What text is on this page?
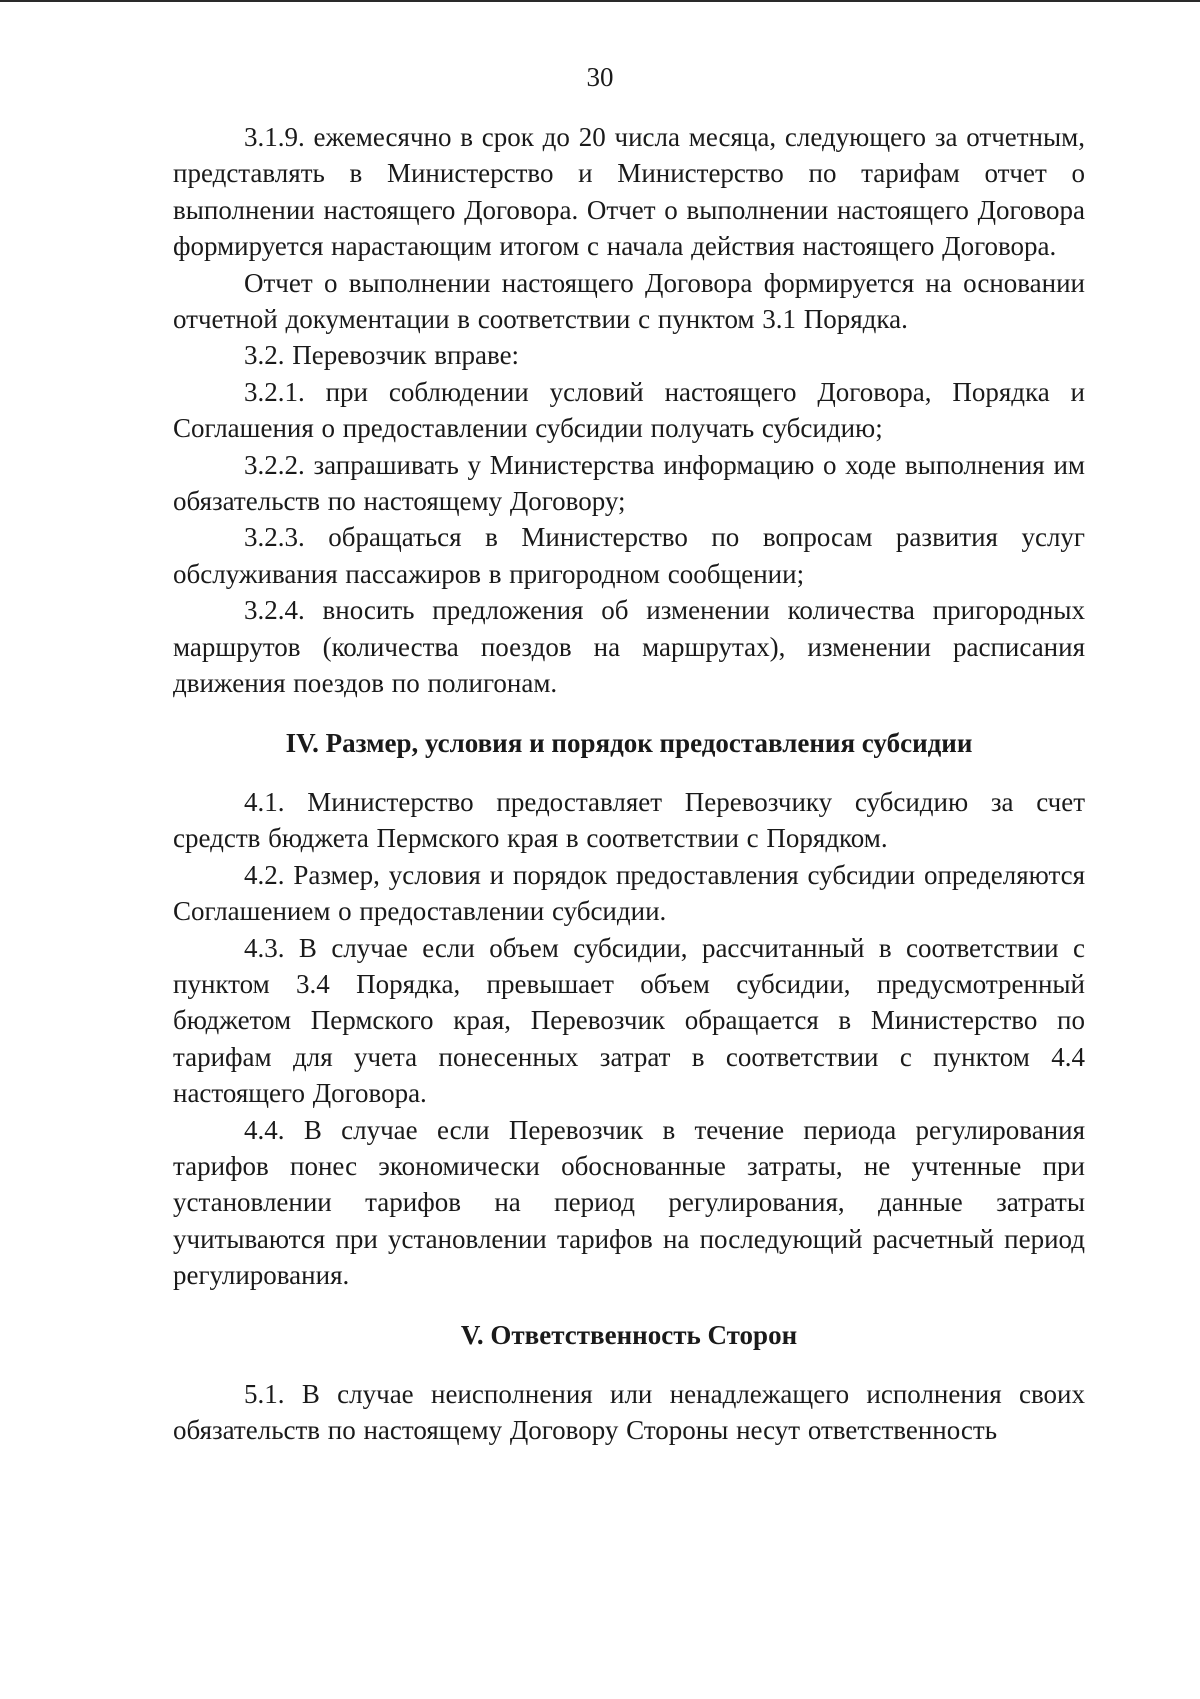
30

3.1.9. ежемесячно в срок до 20 числа месяца, следующего за отчетным, представлять в Министерство и Министерство по тарифам отчет о выполнении настоящего Договора. Отчет о выполнении настоящего Договора формируется нарастающим итогом с начала действия настоящего Договора.

Отчет о выполнении настоящего Договора формируется на основании отчетной документации в соответствии с пунктом 3.1 Порядка.

3.2. Перевозчик вправе:

3.2.1. при соблюдении условий настоящего Договора, Порядка и Соглашения о предоставлении субсидии получать субсидию;

3.2.2. запрашивать у Министерства информацию о ходе выполнения им обязательств по настоящему Договору;

3.2.3. обращаться в Министерство по вопросам развития услуг обслуживания пассажиров в пригородном сообщении;

3.2.4. вносить предложения об изменении количества пригородных маршрутов (количества поездов на маршрутах), изменении расписания движения поездов по полигонам.

IV. Размер, условия и порядок предоставления субсидии

4.1. Министерство предоставляет Перевозчику субсидию за счет средств бюджета Пермского края в соответствии с Порядком.

4.2. Размер, условия и порядок предоставления субсидии определяются Соглашением о предоставлении субсидии.

4.3. В случае если объем субсидии, рассчитанный в соответствии с пунктом 3.4 Порядка, превышает объем субсидии, предусмотренный бюджетом Пермского края, Перевозчик обращается в Министерство по тарифам для учета понесенных затрат в соответствии с пунктом 4.4 настоящего Договора.

4.4. В случае если Перевозчик в течение периода регулирования тарифов понес экономически обоснованные затраты, не учтенные при установлении тарифов на период регулирования, данные затраты учитываются при установлении тарифов на последующий расчетный период регулирования.

V. Ответственность Сторон

5.1. В случае неисполнения или ненадлежащего исполнения своих обязательств по настоящему Договору Стороны несут ответственность
